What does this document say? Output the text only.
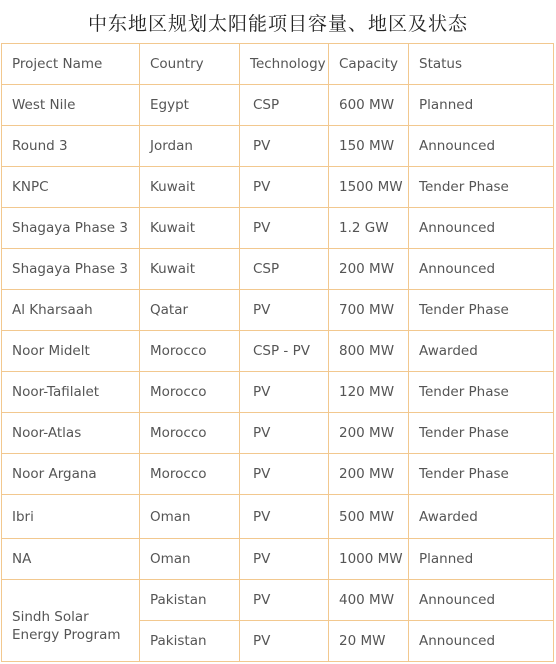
中东地区规划太阳能项目容量、地区及状态
Project Name	Country	Technology	Capacity	Status
West Nile	Egypt	CSP	600 MW	Planned
Round 3	Jordan	PV	150 MW	Announced
KNPC	Kuwait	PV	1500 MW	Tender Phase
Shagaya Phase 3	Kuwait	PV	1.2 GW	Announced
Shagaya Phase 3	Kuwait	CSP	200 MW	Announced
Al Kharsaah	Qatar	PV	700 MW	Tender Phase
Noor Midelt	Morocco	CSP - PV	800 MW	Awarded
Noor-Tafilalet	Morocco	PV	120 MW	Tender Phase
Noor-Atlas	Morocco	PV	200 MW	Tender Phase
Noor Argana	Morocco	PV	200 MW	Tender Phase
Ibri	Oman	PV	500 MW	Awarded
NA	Oman	PV	1000 MW	Planned
Sindh Solar Energy Program	Pakistan	PV	400 MW	Announced
	Pakistan	PV	20 MW	Announced
